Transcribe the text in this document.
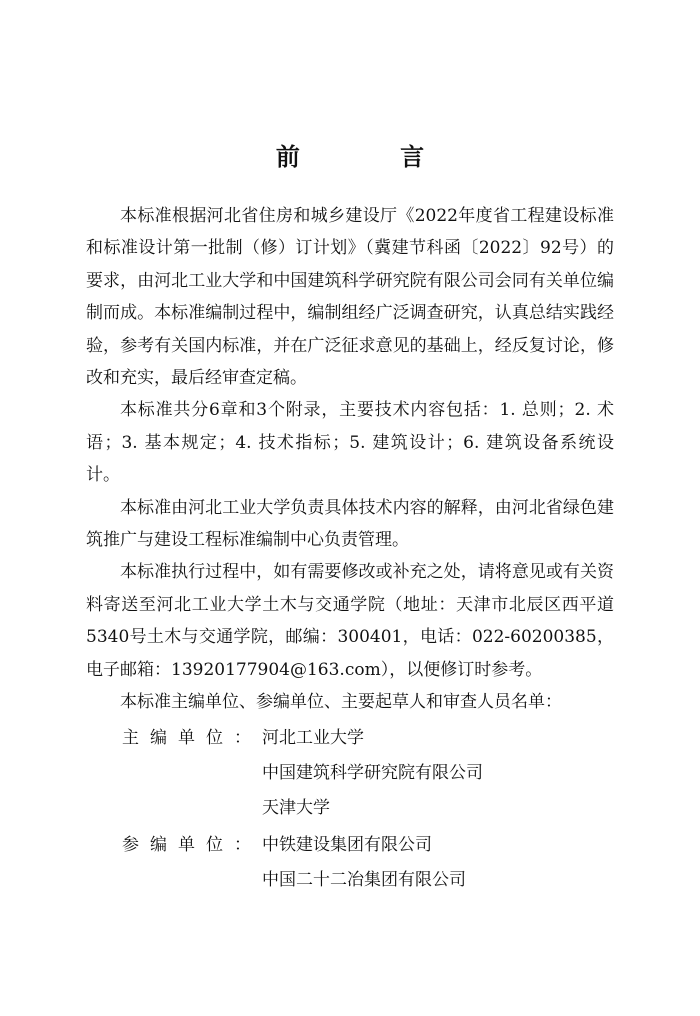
前 言

本标准根据河北省住房和城乡建设厅《2022年度省工程建设标准和标准设计第一批制（修）订计划》（冀建节科函〔2022〕92号）的要求，由河北工业大学和中国建筑科学研究院有限公司会同有关单位编制而成。本标准编制过程中，编制组经广泛调查研究，认真总结实践经验，参考有关国内标准，并在广泛征求意见的基础上，经反复讨论，修改和充实，最后经审查定稿。

本标准共分6章和3个附录，主要技术内容包括：1. 总则；2. 术语；3. 基本规定；4. 技术指标；5. 建筑设计；6. 建筑设备系统设计。

本标准由河北工业大学负责具体技术内容的解释，由河北省绿色建筑推广与建设工程标准编制中心负责管理。

本标准执行过程中，如有需要修改或补充之处，请将意见或有关资料寄送至河北工业大学土木与交通学院（地址：天津市北辰区西平道5340号土木与交通学院，邮编：300401，电话：022-60200385，电子邮箱：13920177904@163.com），以便修订时参考。

本标准主编单位、参编单位、主要起草人和审查人员名单：

主编单位： 河北工业大学
中国建筑科学研究院有限公司
天津大学
参编单位： 中铁建设集团有限公司
中国二十二冶集团有限公司
